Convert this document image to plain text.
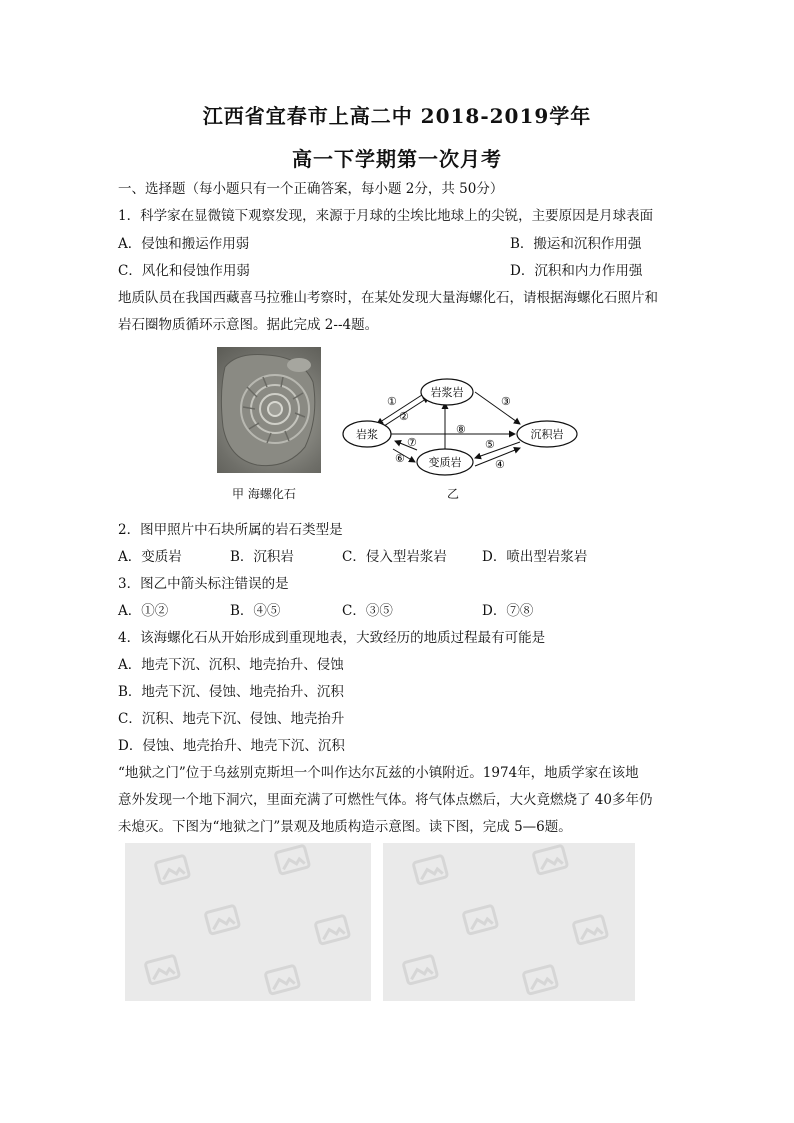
江西省宜春市上高二中 2018-2019学年
高一下学期第一次月考
一、选择题（每小题只有一个正确答案，每小题 2分，共 50分）
1．科学家在显微镜下观察发现，来源于月球的尘埃比地球上的尖锐，主要原因是月球表面
A．侵蚀和搬运作用弱	B．搬运和沉积作用强
C．风化和侵蚀作用弱	D．沉积和内力作用强
地质队员在我国西藏喜马拉雅山考察时，在某处发现大量海螺化石，请根据海螺化石照片和
岩石圈物质循环示意图。据此完成 2--4题。
甲 海螺化石	乙
岩浆岩
岩浆	沉积岩
变质岩
①
②
③
④
⑤
⑥
⑦
⑧
2．图甲照片中石块所属的岩石类型是
A．变质岩	B．沉积岩	C．侵入型岩浆岩	D．喷出型岩浆岩
3．图乙中箭头标注错误的是
A．①②	B．④⑤	C．③⑤	D．⑦⑧
4．该海螺化石从开始形成到重现地表，大致经历的地质过程最有可能是
A．地壳下沉、沉积、地壳抬升、侵蚀
B．地壳下沉、侵蚀、地壳抬升、沉积
C．沉积、地壳下沉、侵蚀、地壳抬升
D．侵蚀、地壳抬升、地壳下沉、沉积
“地狱之门”位于乌兹别克斯坦一个叫作达尔瓦兹的小镇附近。1974年，地质学家在该地
意外发现一个地下洞穴，里面充满了可燃性气体。将气体点燃后，大火竟燃烧了 40多年仍
未熄灭。下图为“地狱之门”景观及地质构造示意图。读下图，完成 5—6题。
